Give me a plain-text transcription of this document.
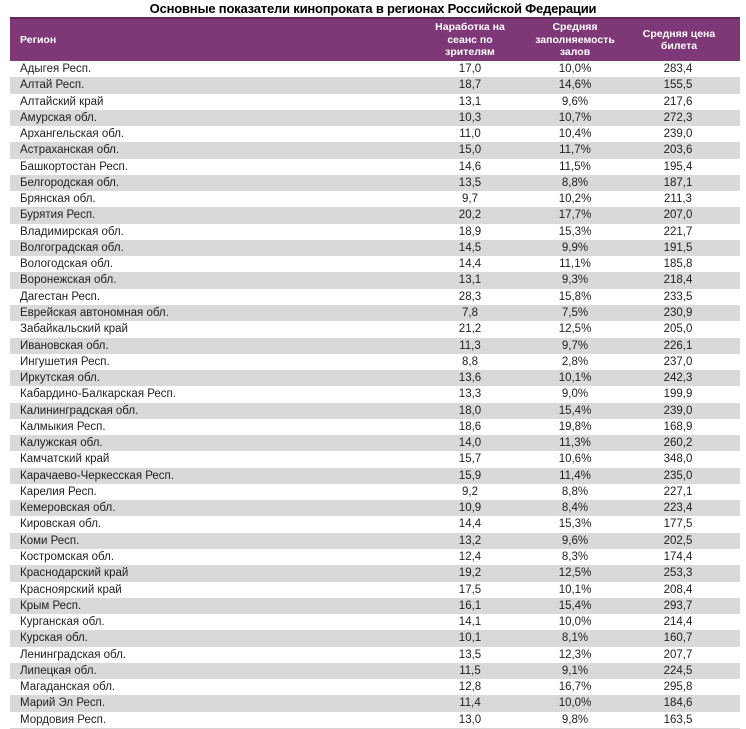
Основные показатели кинопроката в регионах Российской Федерации
Регион	Наработка на сеанс по зрителям	Средняя заполняемость залов	Средняя цена билета
Адыгея Респ.	17,0	10,0%	283,4
Алтай Респ.	18,7	14,6%	155,5
Алтайский край	13,1	9,6%	217,6
Амурская обл.	10,3	10,7%	272,3
Архангельская обл.	11,0	10,4%	239,0
Астраханская обл.	15,0	11,7%	203,6
Башкортостан Респ.	14,6	11,5%	195,4
Белгородская обл.	13,5	8,8%	187,1
Брянская обл.	9,7	10,2%	211,3
Бурятия Респ.	20,2	17,7%	207,0
Владимирская обл.	18,9	15,3%	221,7
Волгоградская обл.	14,5	9,9%	191,5
Вологодская обл.	14,4	11,1%	185,8
Воронежская обл.	13,1	9,3%	218,4
Дагестан Респ.	28,3	15,8%	233,5
Еврейская автономная обл.	7,8	7,5%	230,9
Забайкальский край	21,2	12,5%	205,0
Ивановская обл.	11,3	9,7%	226,1
Ингушетия Респ.	8,8	2,8%	237,0
Иркутская обл.	13,6	10,1%	242,3
Кабардино-Балкарская Респ.	13,3	9,0%	199,9
Калининградская обл.	18,0	15,4%	239,0
Калмыкия Респ.	18,6	19,8%	168,9
Калужская обл.	14,0	11,3%	260,2
Камчатский край	15,7	10,6%	348,0
Карачаево-Черкесская Респ.	15,9	11,4%	235,0
Карелия Респ.	9,2	8,8%	227,1
Кемеровская обл.	10,9	8,4%	223,4
Кировская обл.	14,4	15,3%	177,5
Коми Респ.	13,2	9,6%	202,5
Костромская обл.	12,4	8,3%	174,4
Краснодарский край	19,2	12,5%	253,3
Красноярский край	17,5	10,1%	208,4
Крым Респ.	16,1	15,4%	293,7
Курганская обл.	14,1	10,0%	214,4
Курская обл.	10,1	8,1%	160,7
Ленинградская обл.	13,5	12,3%	207,7
Липецкая обл.	11,5	9,1%	224,5
Магаданская обл.	12,8	16,7%	295,8
Марий Эл Респ.	11,4	10,0%	184,6
Мордовия Респ.	13,0	9,8%	163,5
